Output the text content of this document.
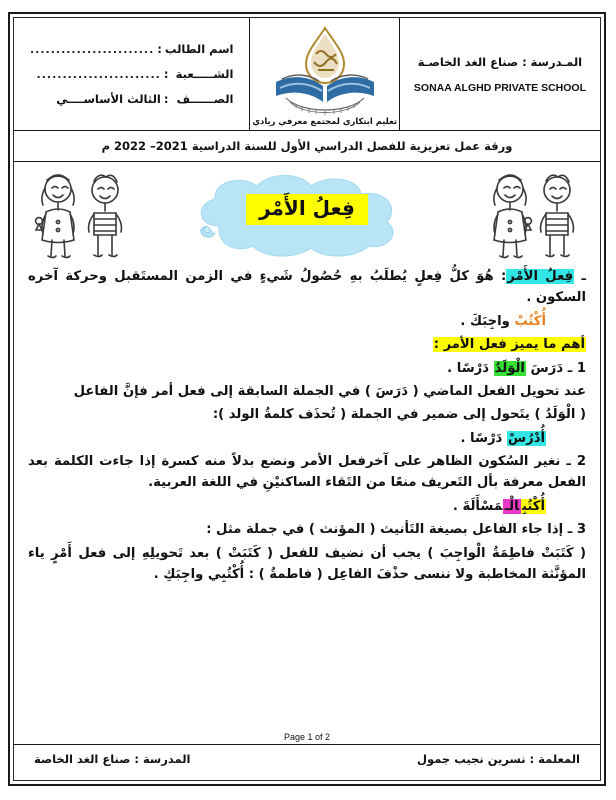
المـدرسة : صناع الغد الخاصـة
SONAA ALGHD PRIVATE SCHOOL
تعليم ابتكاري لمجتمع معرفي ريادي
اسم الطالب
:
........................
الشـــــعبة
:
........................
الصــــــف
:
الثالث الأساســــي
ورقة عمل تعزيزية للفصل الدراسي الأول للسنة الدراسية 2021– 2022 م
فِعلُ الأَمْر

ـ فِعلُ الأَمْر: هُوَ كلُّ فِعلٍ يُطلَبُ بهِ حُصُولُ شَيءٍ في الزمن المستَقبل وحركة آخره السكون .

أُكْتُبْ واجِبَكَ .

أهم ما يميز فعل الأمر :

1 ـ دَرَسَ الْوَلَدُ دَرْسًا .

عند تحويل الفعل الماضي ( دَرَسَ ) في الجملة السابقة إلى فعل أمر فإنَّ الفاعل

( الْوَلَدُ ) يتَحول إلى ضمير في الجملة ( تُحذَف كلمةُ الولد ):

أُدْرُسْ دَرْسًا .

2 ـ نغير السُكون الظاهر على آخرفعل الأمر ونضع بدلاً منه كسرة إذا جاءت الكلمة بعد الفعل معرفة بأل التَعريف منعًا من التَقاء الساكنيْنِ في اللغة العربية.

أُكْتُبِالْـمَسْأَلَةَ .

3 ـ إذا جاء الفاعل بصيغة التَأنيث ( المؤنث ) في جملة مثل :

( كَتَبَتْ فاطِمَةُ الْواجِبَ ) يجب أن نضيف للفعل ( كَتَبَتْ ) بعد تَحويلِهِ إلى فعل أَمْرٍ ياء المؤنَّثة المخاطبة ولا ننسى حذْفَ الفاعِل ( فاطمةُ ) : أُكْتُبِي واجِبَكِ .

Page 1 of 2
المعلمة : نسرين نجيب جمول
المدرسة : صناع الغد الخاصة
